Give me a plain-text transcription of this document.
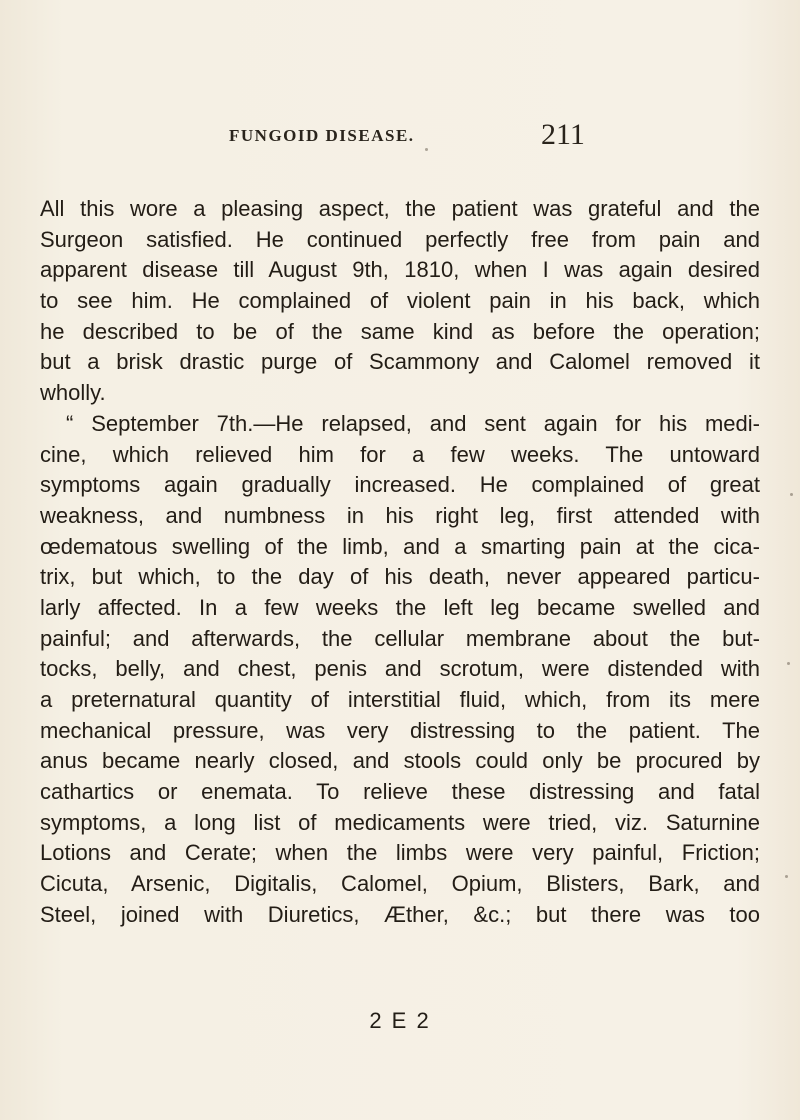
FUNGOID DISEASE.	211
All this wore a pleasing aspect, the patient was grateful and the
Surgeon satisfied. He continued perfectly free from pain and
apparent disease till August 9th, 1810, when I was again desired
to see him. He complained of violent pain in his back, which
he described to be of the same kind as before the operation;
but a brisk drastic purge of Scammony and Calomel removed it
wholly.
“ September 7th.—He relapsed, and sent again for his medi-
cine, which relieved him for a few weeks. The untoward
symptoms again gradually increased. He complained of great
weakness, and numbness in his right leg, first attended with
œdematous swelling of the limb, and a smarting pain at the cica-
trix, but which, to the day of his death, never appeared particu-
larly affected. In a few weeks the left leg became swelled and
painful; and afterwards, the cellular membrane about the but-
tocks, belly, and chest, penis and scrotum, were distended with
a preternatural quantity of interstitial fluid, which, from its mere
mechanical pressure, was very distressing to the patient. The
anus became nearly closed, and stools could only be procured by
cathartics or enemata. To relieve these distressing and fatal
symptoms, a long list of medicaments were tried, viz. Saturnine
Lotions and Cerate; when the limbs were very painful, Friction;
Cicuta, Arsenic, Digitalis, Calomel, Opium, Blisters, Bark, and
Steel, joined with Diuretics, Æther, &c.; but there was too
2 E 2
